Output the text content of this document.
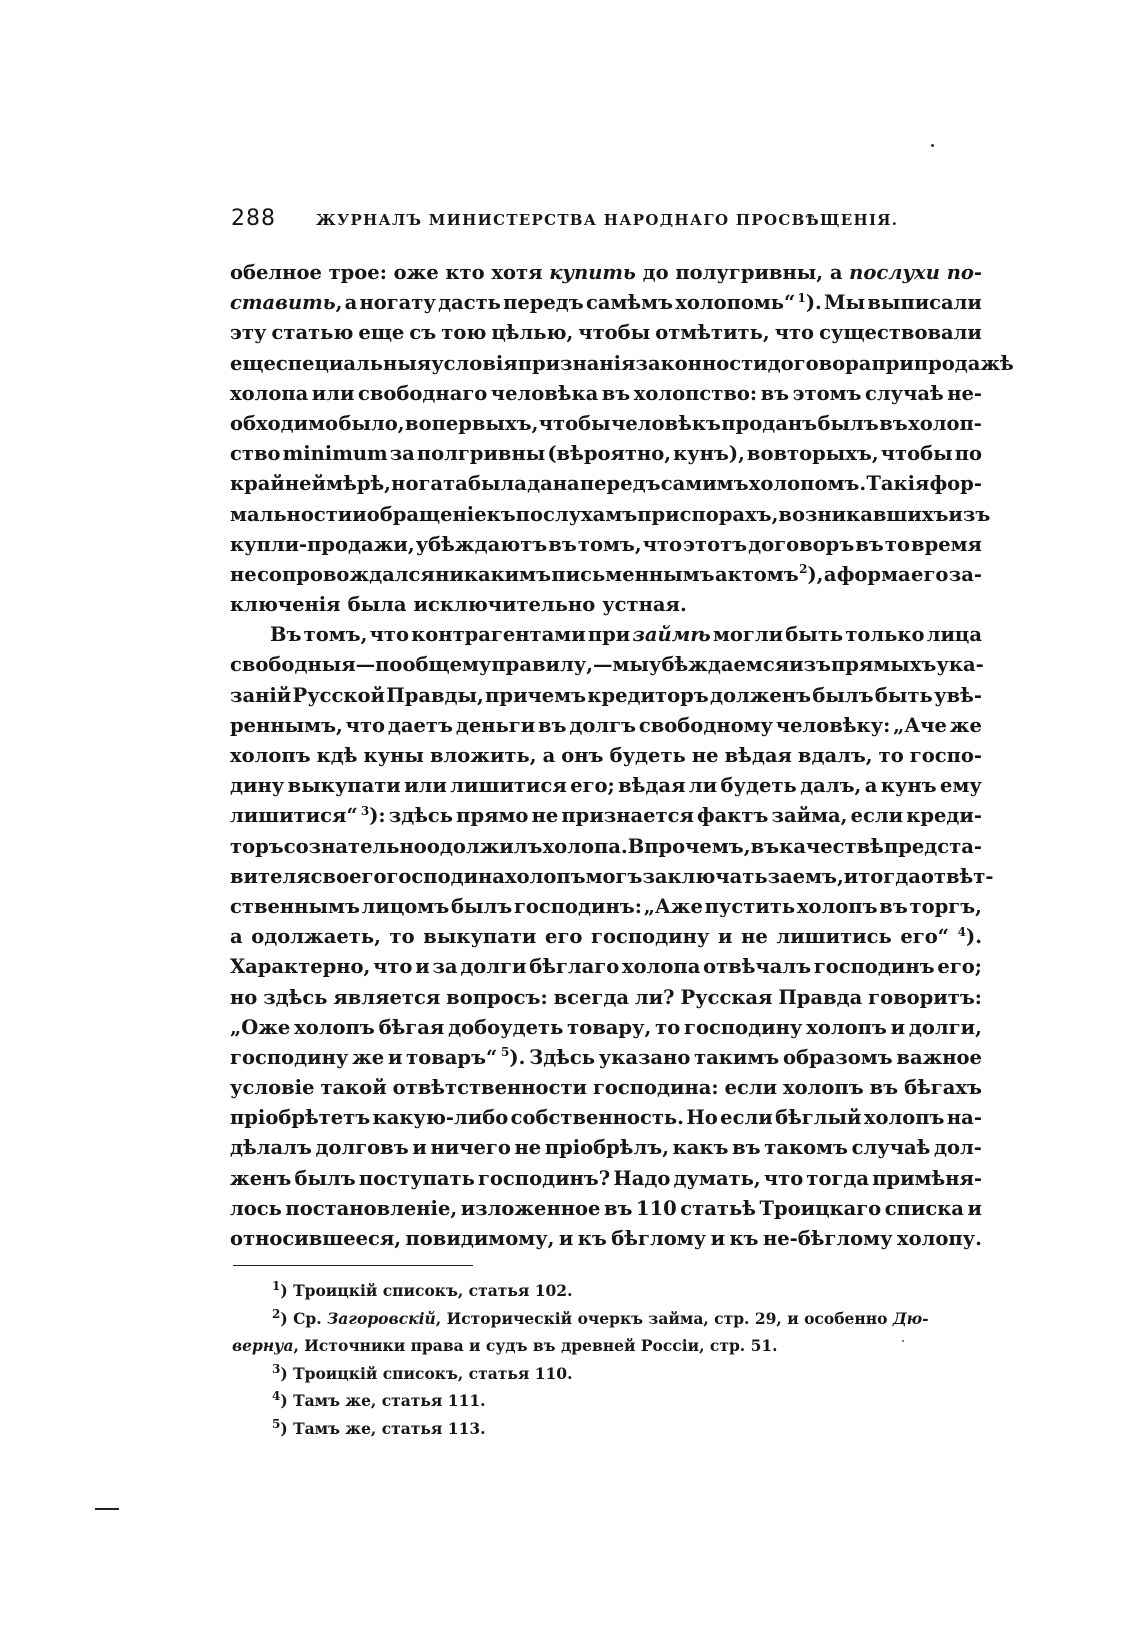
288	ЖУРНАЛЪ МИНИСТЕРСТВА НАРОДНАГО ПРОСВѢЩЕНІЯ.
обелное трое: оже кто хотя купить до полугривны, а послухи по-
ставить, а ногату дасть передъ самѣмъ холопомь“ 1). Мы выписали
эту статью еще съ тою цѣлью, чтобы отмѣтить, что существовали
еще специальныя условія признанія законности договора при продажѣ
холопа или свободнаго человѣка въ холопство: въ этомъ случаѣ не-
обходимо было, вопервыхъ, чтобы человѣкъ проданъ былъ въ холоп-
ство minimum за полгривны (вѣроятно, кунъ), вовторыхъ, чтобы по
крайней мѣрѣ, ногата была дана передъ самимъ холопомъ. Такія фор-
мальности и обращеніе къ послухамъ при спорахъ, возникавшихъ изъ
купли-продажи, убѣждаютъ въ томъ, что этотъ договоръ въ то время
не сопровождался никакимъ письменнымъ актомъ 2), а форма его за-
ключенія была исключительно устная.
Въ томъ, что контрагентами при займѣ могли быть только лица
свободныя—по общему правилу,—мы убѣждаемся изъ прямыхъ ука-
заній Русской Правды, причемъ кредиторъ долженъ былъ быть увѣ-
реннымъ, что даетъ деньги въ долгъ свободному человѣку: „Аче же
холопъ кдѣ куны вложить, а онъ будеть не вѣдая вдалъ, то госпо-
дину выкупати или лишитися его; вѣдая ли будеть далъ, а кунъ ему
лишитися“ 3): здѣсь прямо не признается фактъ займа, если креди-
торъ сознательно одолжилъ холопа. Впрочемъ, въ качествѣ предста-
вителя своего господина холопъ могъ заключать заемъ, и тогда отвѣт-
ственнымъ лицомъ былъ господинъ: „Аже пустить холопъ въ торгъ,
а одолжаеть, то выкупати его господину и не лишитись его“ 4).
Характерно, что и за долги бѣглаго холопа отвѣчалъ господинъ его;
но здѣсь является вопросъ: всегда ли? Русская Правда говоритъ:
„Оже холопъ бѣгая добоудеть товару, то господину холопъ и долги,
господину же и товаръ“ 5). Здѣсь указано такимъ образомъ важное
условіе такой отвѣтственности господина: если холопъ въ бѣгахъ
пріобрѣтетъ какую-либо собственность. Но если бѣглый холопъ на-
дѣлалъ долговъ и ничего не пріобрѣлъ, какъ въ такомъ случаѣ дол-
женъ былъ поступать господинъ? Надо думать, что тогда примѣня-
лось постановленіе, изложенное въ 110 статьѣ Троицкаго списка и
относившееся, повидимому, и къ бѣглому и къ не-бѣглому холопу.
$^1$) Троицкій списокъ, статья 102.
$^2$) Ср. Загоровскій, Историческій очеркъ займа, стр. 29, и особенно Дю-
вернуа, Источники права и судъ въ древней Россіи, стр. 51.
$^3$) Троицкій списокъ, статья 110.
$^4$) Тамъ же, статья 111.
$^5$) Тамъ же, статья 113.
